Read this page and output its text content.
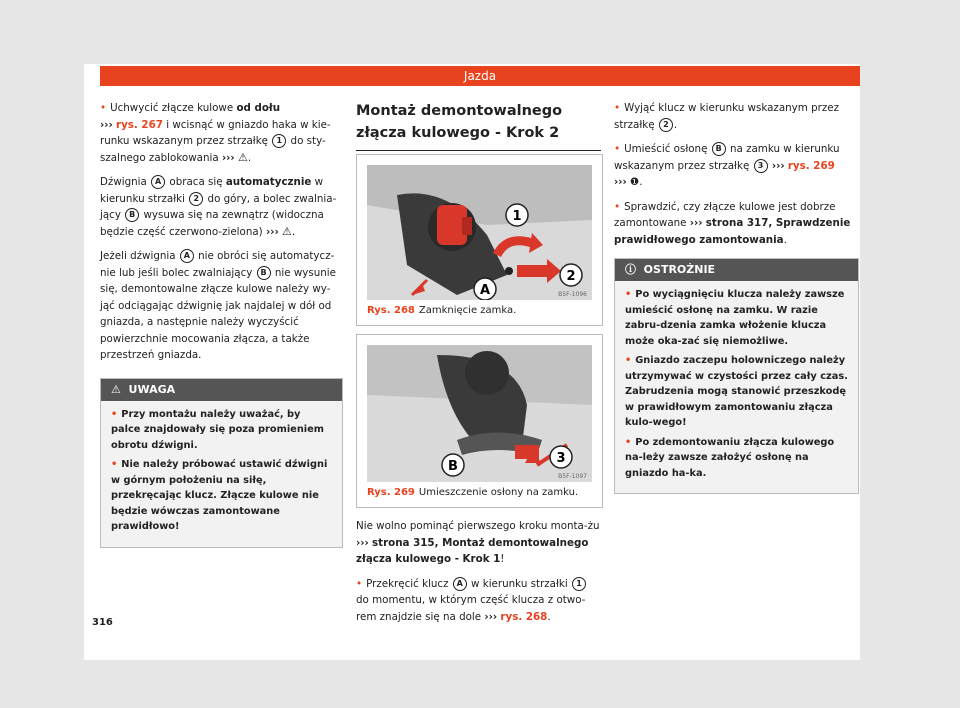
Jazda

• Uchwycić złącze kulowe od dołu
››› rys. 267 i wcisnąć w gniazdo haka w kie-runku wskazanym przez strzałkę 1 do sty-szalnego zablokowania ››› ⚠.

Dźwignia A obraca się automatycznie w kierunku strzałki 2 do góry, a bolec zwalnia-jący B wysuwa się na zewnątrz (widoczna będzie część czerwono-zielona) ››› ⚠.

Jeżeli dźwignia A nie obróci się automatycz-nie lub jeśli bolec zwalniający B nie wysunie się, demontowalne złącze kulowe należy wy-jąć odciągając dźwignię jak najdalej w dół od gniazda, a następnie należy wyczyścić powierzchnie mocowania złącza, a także przestrzeń gniazda.

⚠ UWAGA

• Przy montażu należy uważać, by palce znajdowały się poza promieniem obrotu dźwigni.

• Nie należy próbować ustawić dźwigni w górnym położeniu na siłę, przekręcając klucz. Złącze kulowe nie będzie wówczas zamontowane prawidłowo!

Montaż demontowalnego złącza kulowego - Krok 2
1
2
A	B5F-1096
Rys. 268 Zamknięcie zamka.
B
3
B5F-1097
Rys. 269 Umieszczenie osłony na zamku.

Nie wolno pominąć pierwszego kroku monta-żu ››› strona 315, Montaż demontowalnego złącza kulowego - Krok 1!

• Przekręcić klucz A w kierunku strzałki 1 do momentu, w którym część klucza z otwo-rem znajdzie się na dole ››› rys. 268.

• Wyjąć klucz w kierunku wskazanym przez strzałkę 2 .

• Umieścić osłonę B na zamku w kierunku wskazanym przez strzałkę 3 ››› rys. 269
››› ❶.

• Sprawdzić, czy złącze kulowe jest dobrze zamontowane ››› strona 317, Sprawdzenie prawidłowego zamontowania.

ⓘ OSTROŻNIE

• Po wyciągnięciu klucza należy zawsze umieścić osłonę na zamku. W razie zabru-dzenia zamka włożenie klucza może oka-zać się niemożliwe.

• Gniazdo zaczepu holowniczego należy utrzymywać w czystości przez cały czas. Zabrudzenia mogą stanowić przeszkodę w prawidłowym zamontowaniu złącza kulo-wego!

• Po zdemontowaniu złącza kulowego na-leży zawsze założyć osłonę na gniazdo ha-ka.

316
